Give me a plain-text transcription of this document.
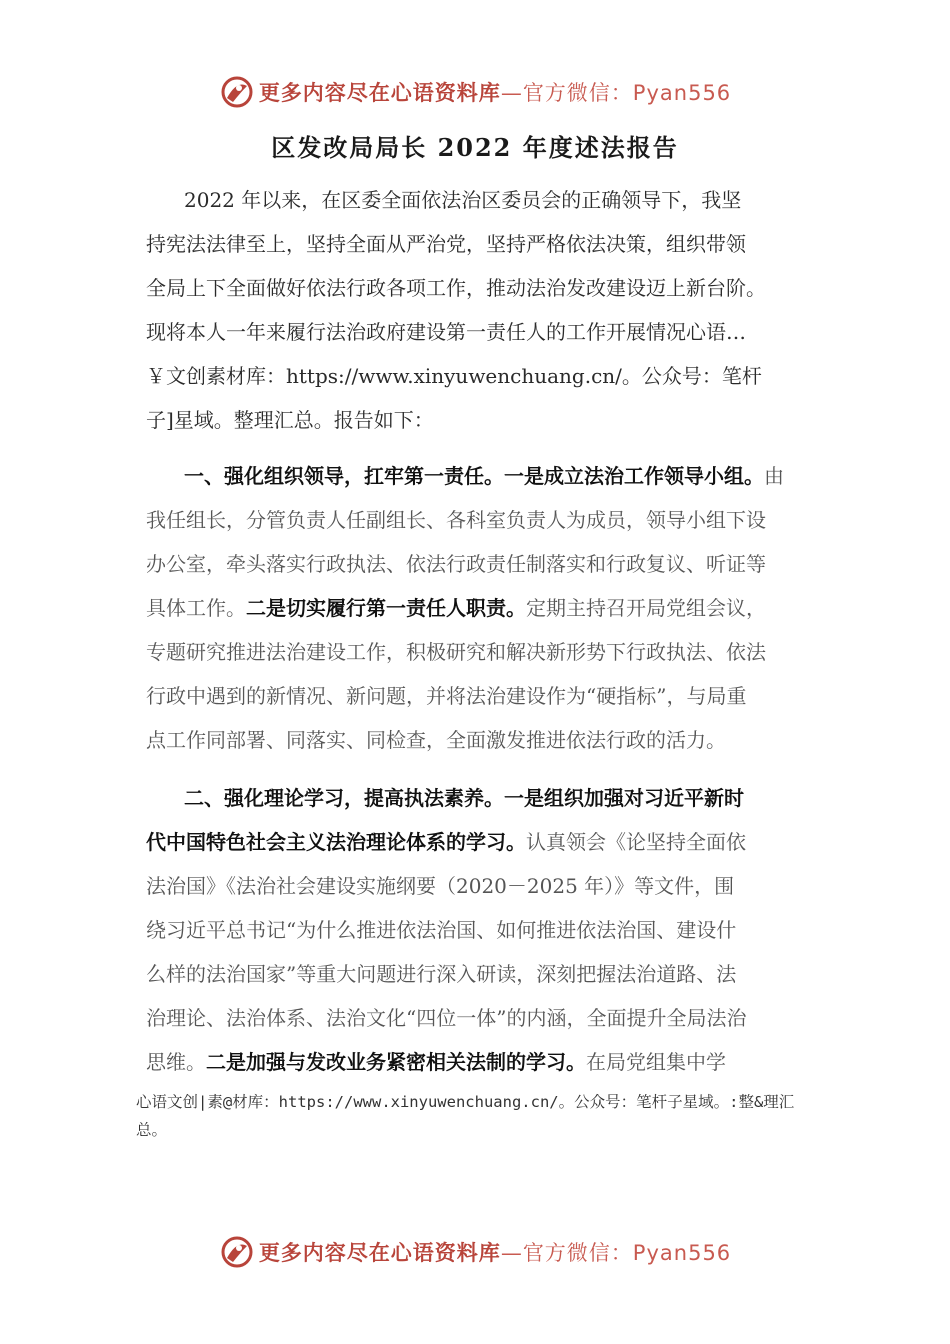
更多内容尽在心语资料库 —官方微信：Pyan556
区发改局局长 2022 年度述法报告
2022 年以来，在区委全面依法治区委员会的正确领导下，我坚
持宪法法律至上，坚持全面从严治党，坚持严格依法决策，组织带领
全局上下全面做好依法行政各项工作，推动法治发改建设迈上新台阶。
现将本人一年来履行法治政府建设第一责任人的工作开展情况心语…
￥文创素材库：https://www.xinyuwenchuang.cn/。公众号：笔杆
子]星域。整理汇总。报告如下：
一、强化组织领导，扛牢第一责任。一是成立法治工作领导小组。由
我任组长，分管负责人任副组长、各科室负责人为成员，领导小组下设
办公室，牵头落实行政执法、依法行政责任制落实和行政复议、听证等
具体工作。二是切实履行第一责任人职责。定期主持召开局党组会议，
专题研究推进法治建设工作，积极研究和解决新形势下行政执法、依法
行政中遇到的新情况、新问题，并将法治建设作为“硬指标”，与局重
点工作同部署、同落实、同检查，全面激发推进依法行政的活力。
二、强化理论学习，提高执法素养。一是组织加强对习近平新时
代中国特色社会主义法治理论体系的学习。认真领会《论坚持全面依
法治国》《法治社会建设实施纲要（2020－2025 年）》等文件，围
绕习近平总书记“为什么推进依法治国、如何推进依法治国、建设什
么样的法治国家”等重大问题进行深入研读，深刻把握法治道路、法
治理论、法治体系、法治文化“四位一体”的内涵，全面提升全局法治
思维。二是加强与发改业务紧密相关法制的学习。在局党组集中学
心语文创|素@材库：https://www.xinyuwenchuang.cn/。公众号：笔杆子星域。:整&理汇
总。
更多内容尽在心语资料库 —官方微信：Pyan556
